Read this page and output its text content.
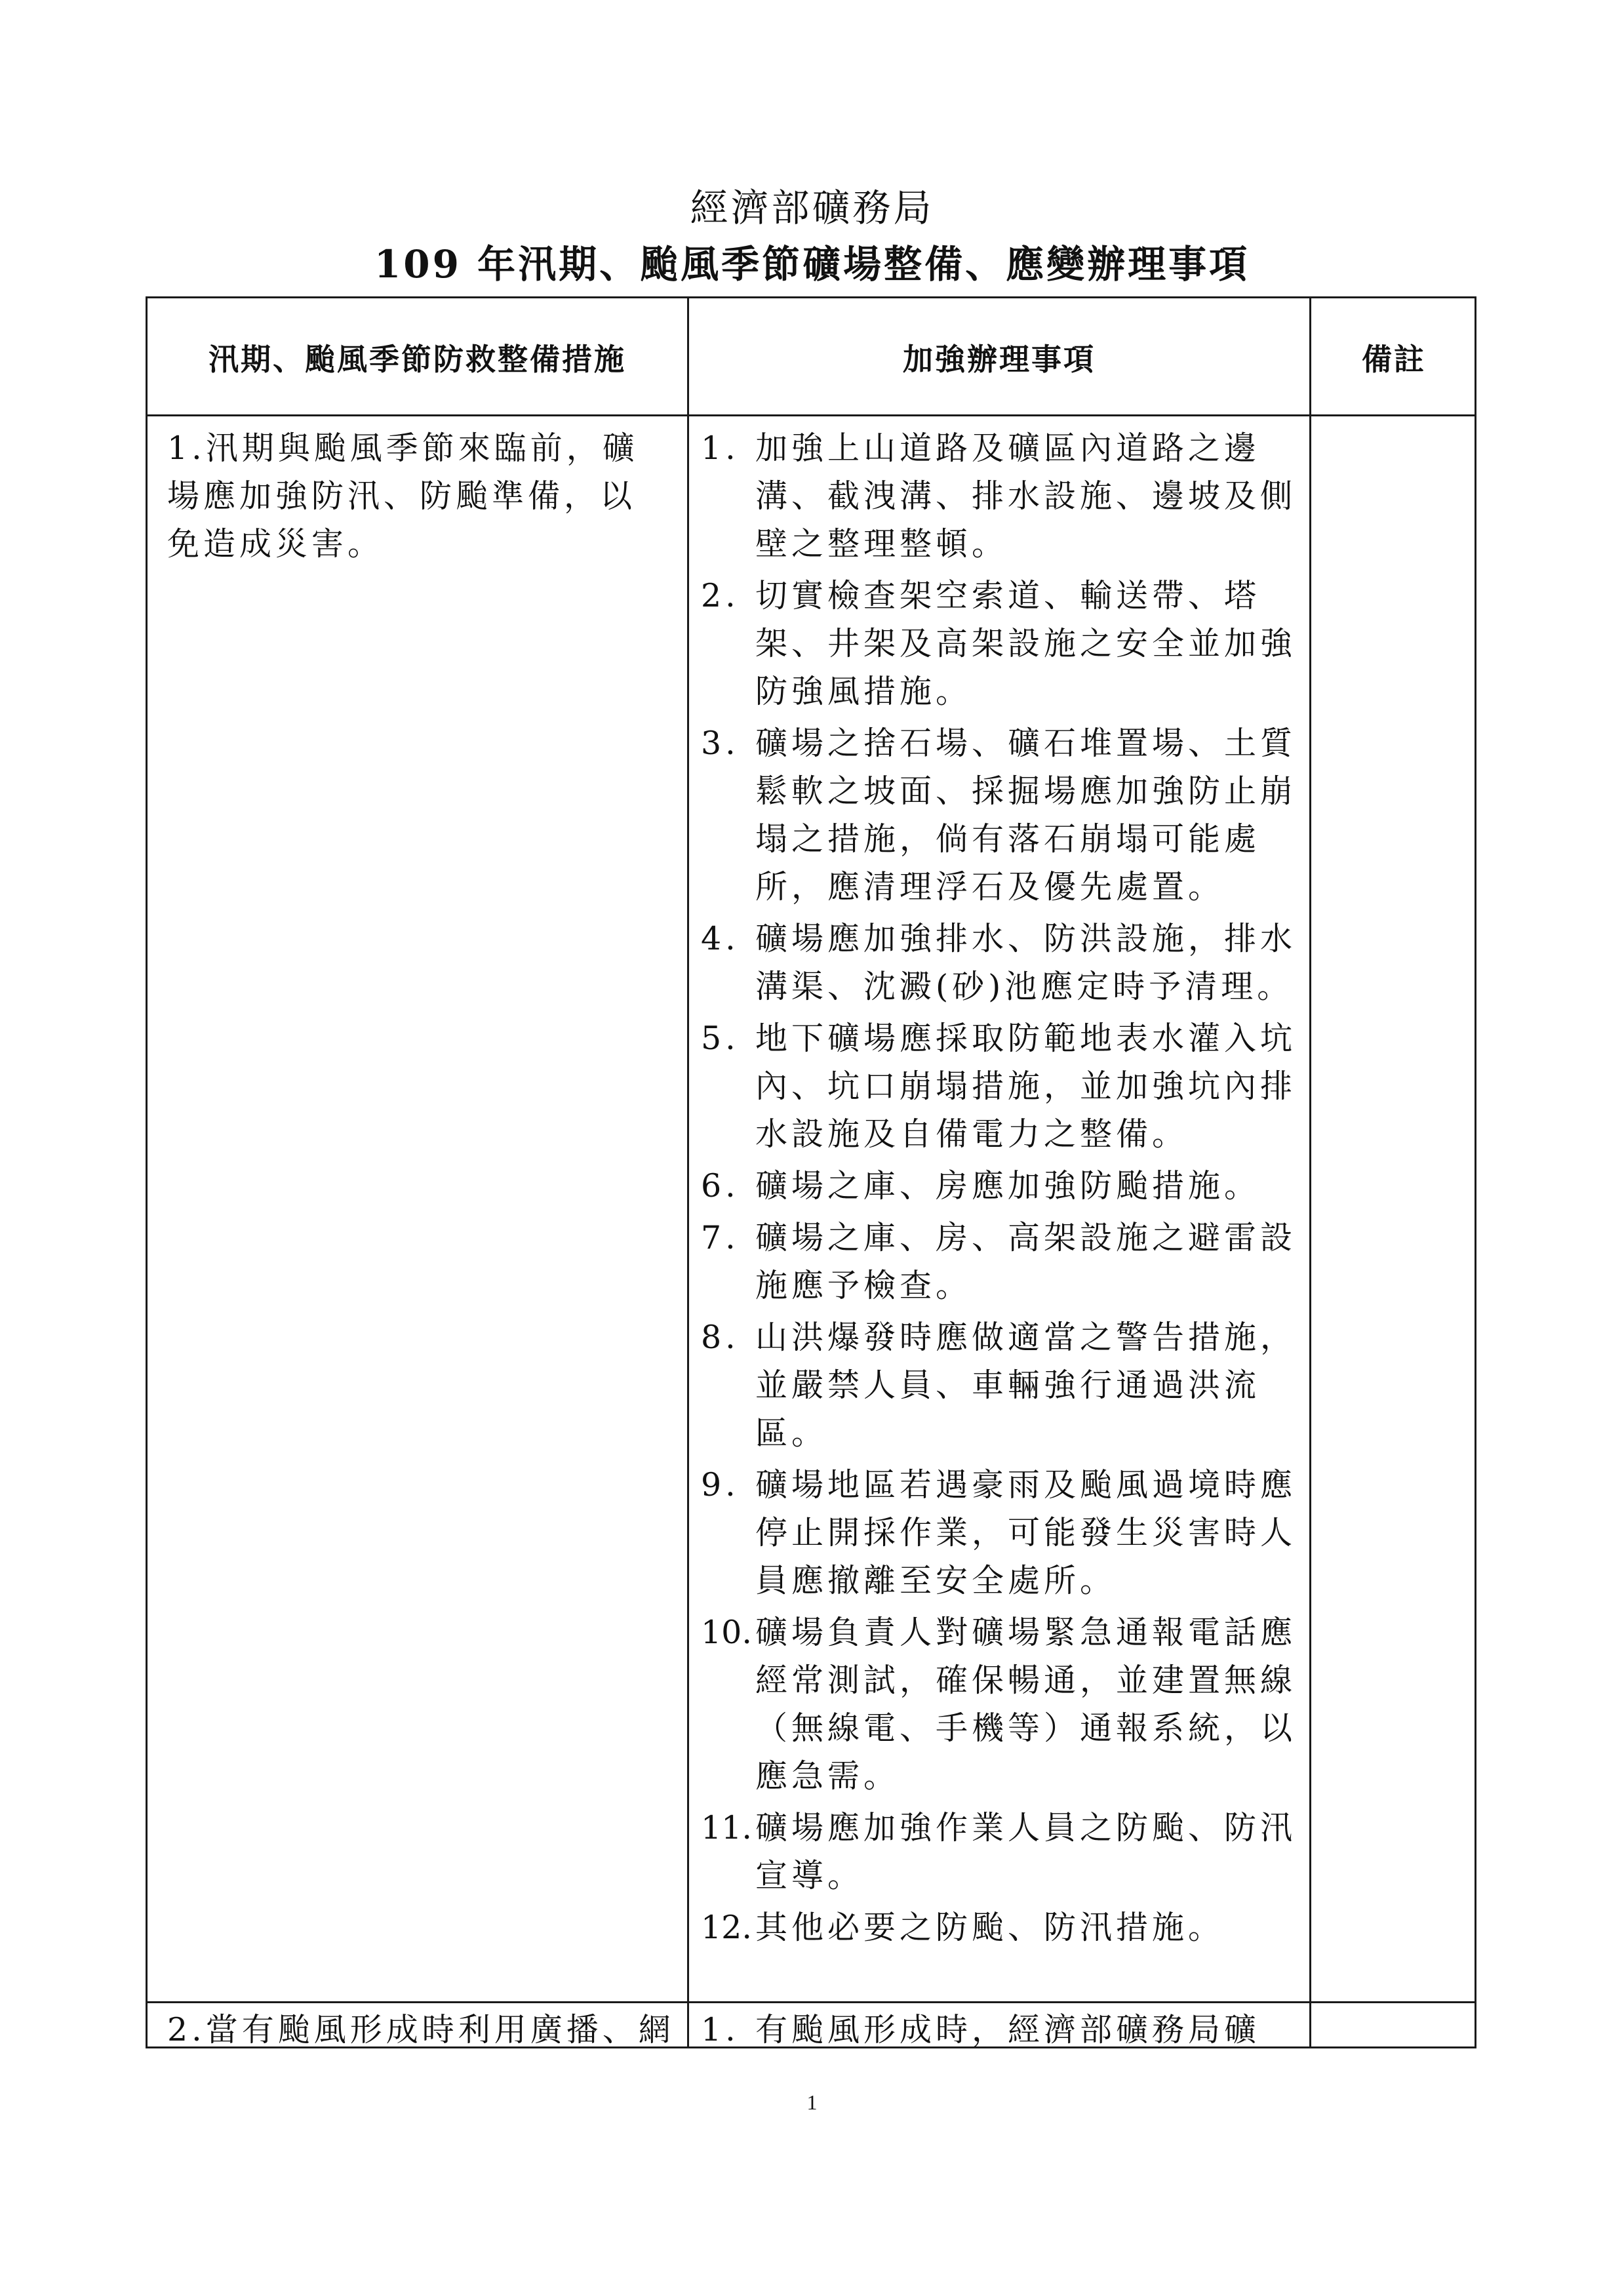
經濟部礦務局
109 年汛期、颱風季節礦場整備、應變辦理事項
汛期、颱風季節防救整備措施	加強辦理事項	備註
1.汛期與颱風季節來臨前，礦場應加強防汛、防颱準備，以免造成災害。
1. 加強上山道路及礦區內道路之邊溝、截洩溝、排水設施、邊坡及側壁之整理整頓。
2. 切實檢查架空索道、輸送帶、塔架、井架及高架設施之安全並加強防強風措施。
3. 礦場之捨石場、礦石堆置場、土質鬆軟之坡面、採掘場應加強防止崩塌之措施，倘有落石崩塌可能處所，應清理浮石及優先處置。
4. 礦場應加強排水、防洪設施，排水溝渠、沈澱(砂)池應定時予清理。
5. 地下礦場應採取防範地表水灌入坑內、坑口崩塌措施，並加強坑內排水設施及自備電力之整備。
6. 礦場之庫、房應加強防颱措施。
7. 礦場之庫、房、高架設施之避雷設施應予檢查。
8. 山洪爆發時應做適當之警告措施，並嚴禁人員、車輛強行通過洪流區。
9. 礦場地區若遇豪雨及颱風過境時應停止開採作業，可能發生災害時人員應撤離至安全處所。
10. 礦場負責人對礦場緊急通報電話應經常測試，確保暢通，並建置無線（無線電、手機等）通報系統，以應急需。
11. 礦場應加強作業人員之防颱、防汛宣導。
12. 其他必要之防颱、防汛措施。
2.當有颱風形成時利用廣播、網 1. 有颱風形成時，經濟部礦務局礦
1
